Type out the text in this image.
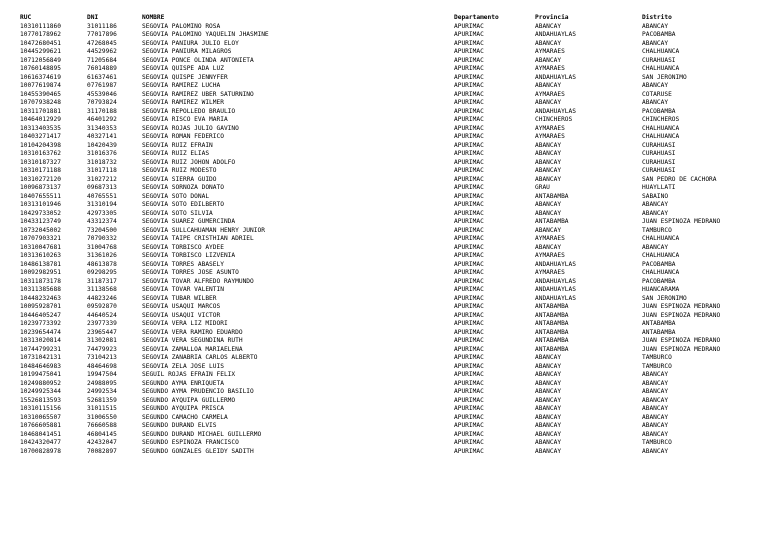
RUC	DNI	NOMBRE	Departamento	Provincia	Distrito
10310111860	31011186	SEGOVIA PALOMINO ROSA	APURIMAC	ABANCAY	ABANCAY
10770178962	77017896	SEGOVIA PALOMINO YAQUELIN JHASMINE	APURIMAC	ANDAHUAYLAS	PACOBAMBA
10472680451	47268045	SEGOVIA PANIURA JULIO ELOY	APURIMAC	ABANCAY	ABANCAY
10445299621	44529962	SEGOVIA PANIURA MILAGROS	APURIMAC	AYMARAES	CHALHUANCA
10712056849	71205684	SEGOVIA PONCE OLINDA ANTONIETA	APURIMAC	ABANCAY	CURAHUASI
10760148895	76014889	SEGOVIA QUISPE ADA LUZ	APURIMAC	AYMARAES	CHALHUANCA
10616374619	61637461	SEGOVIA QUISPE JENNYFER	APURIMAC	ANDAHUAYLAS	SAN JERONIMO
10077619874	07761987	SEGOVIA RAMIREZ LUCHA	APURIMAC	ABANCAY	ABANCAY
10455390465	45539046	SEGOVIA RAMIREZ UBER SATURNINO	APURIMAC	AYMARAES	COTARUSE
10707938248	70793824	SEGOVIA RAMIREZ WILMER	APURIMAC	ABANCAY	ABANCAY
10311701881	31170188	SEGOVIA REPOLLEDO BRAULIO	APURIMAC	ANDAHUAYLAS	PACOBAMBA
10464012929	46401292	SEGOVIA RISCO EVA MARIA	APURIMAC	CHINCHEROS	CHINCHEROS
10313403535	31340353	SEGOVIA ROJAS JULIO GAVINO	APURIMAC	AYMARAES	CHALHUANCA
10403271417	40327141	SEGOVIA ROMAN FEDERICO	APURIMAC	AYMARAES	CHALHUANCA
10104204398	10420439	SEGOVIA RUIZ EFRAIN	APURIMAC	ABANCAY	CURAHUASI
10310163762	31016376	SEGOVIA RUIZ ELIAS	APURIMAC	ABANCAY	CURAHUASI
10310187327	31018732	SEGOVIA RUIZ JOHON ADOLFO	APURIMAC	ABANCAY	CURAHUASI
10310171188	31017118	SEGOVIA RUIZ MODESTO	APURIMAC	ABANCAY	CURAHUASI
10310272120	31027212	SEGOVIA SIERRA GUIDO	APURIMAC	ABANCAY	SAN PEDRO DE CACHORA
10096873137	09687313	SEGOVIA SORNOZA DONATO	APURIMAC	GRAU	HUAYLLATI
10407655511	40765551	SEGOVIA SOTO DONAL	APURIMAC	ANTABAMBA	SABAINO
10313101946	31310194	SEGOVIA SOTO EDILBERTO	APURIMAC	ABANCAY	ABANCAY
10429733052	42973305	SEGOVIA SOTO SILVIA	APURIMAC	ABANCAY	ABANCAY
10433123749	43312374	SEGOVIA SUAREZ GUMERCINDA	APURIMAC	ANTABAMBA	JUAN ESPINOZA MEDRANO
10732045002	73204500	SEGOVIA SULLCAHUAMAN HENRY JUNIOR	APURIMAC	ABANCAY	TAMBURCO
10707903321	70790332	SEGOVIA TAIPE CRISTHIAN ADRIEL	APURIMAC	AYMARAES	CHALHUANCA
10310047681	31004768	SEGOVIA TORBISCO AYDEE	APURIMAC	ABANCAY	ABANCAY
10313610263	31361026	SEGOVIA TORBISCO LIZVENIA	APURIMAC	AYMARAES	CHALHUANCA
10486138781	48613878	SEGOVIA TORRES ABASELY	APURIMAC	ANDAHUAYLAS	PACOBAMBA
10092982951	09298295	SEGOVIA TORRES JOSE ASUNTO	APURIMAC	AYMARAES	CHALHUANCA
10311873178	31187317	SEGOVIA TOVAR ALFREDO RAYMUNDO	APURIMAC	ANDAHUAYLAS	PACOBAMBA
10311385688	31138568	SEGOVIA TOVAR VALENTIN	APURIMAC	ANDAHUAYLAS	HUANCARAMA
10448232463	44823246	SEGOVIA TUBAR WILBER	APURIMAC	ANDAHUAYLAS	SAN JERONIMO
10095928701	09592870	SEGOVIA USAQUI MARCOS	APURIMAC	ANTABAMBA	JUAN ESPINOZA MEDRANO
10446405247	44640524	SEGOVIA USAQUI VICTOR	APURIMAC	ANTABAMBA	JUAN ESPINOZA MEDRANO
10239773392	23977339	SEGOVIA VERA LIZ MIDORI	APURIMAC	ANTABAMBA	ANTABAMBA
10239654474	23965447	SEGOVIA VERA RAMIRO EDUARDO	APURIMAC	ANTABAMBA	ANTABAMBA
10313020814	31302081	SEGOVIA VERA SEGUNDINA RUTH	APURIMAC	ANTABAMBA	JUAN ESPINOZA MEDRANO
10744799231	74479923	SEGOVIA ZAMALLOA MARIAELENA	APURIMAC	ANTABAMBA	JUAN ESPINOZA MEDRANO
10731042131	73104213	SEGOVIA ZANABRIA CARLOS ALBERTO	APURIMAC	ABANCAY	TAMBURCO
10484646983	48464698	SEGOVIA ZELA JOSE LUIS	APURIMAC	ABANCAY	TAMBURCO
10199475041	19947504	SEGUIL ROJAS EFRAIN FELIX	APURIMAC	ABANCAY	ABANCAY
10249880952	24988095	SEGUNDO AYMA ENRIQUETA	APURIMAC	ABANCAY	ABANCAY
10249925344	24992534	SEGUNDO AYMA PRUDENCIO BASILIO	APURIMAC	ABANCAY	ABANCAY
15526813593	52681359	SEGUNDO AYQUIPA GUILLERMO	APURIMAC	ABANCAY	ABANCAY
10310115156	31011515	SEGUNDO AYQUIPA PRISCA	APURIMAC	ABANCAY	ABANCAY
10310065507	31006550	SEGUNDO CAMACHO CARMELA	APURIMAC	ABANCAY	ABANCAY
10766605881	76660588	SEGUNDO DURAND ELVIS	APURIMAC	ABANCAY	ABANCAY
10468041451	46804145	SEGUNDO DURAND MICHAEL GUILLERMO	APURIMAC	ABANCAY	ABANCAY
10424320477	42432047	SEGUNDO ESPINOZA FRANCISCO	APURIMAC	ABANCAY	TAMBURCO
10700828978	70082897	SEGUNDO GONZALES GLEIDY SADITH	APURIMAC	ABANCAY	ABANCAY
